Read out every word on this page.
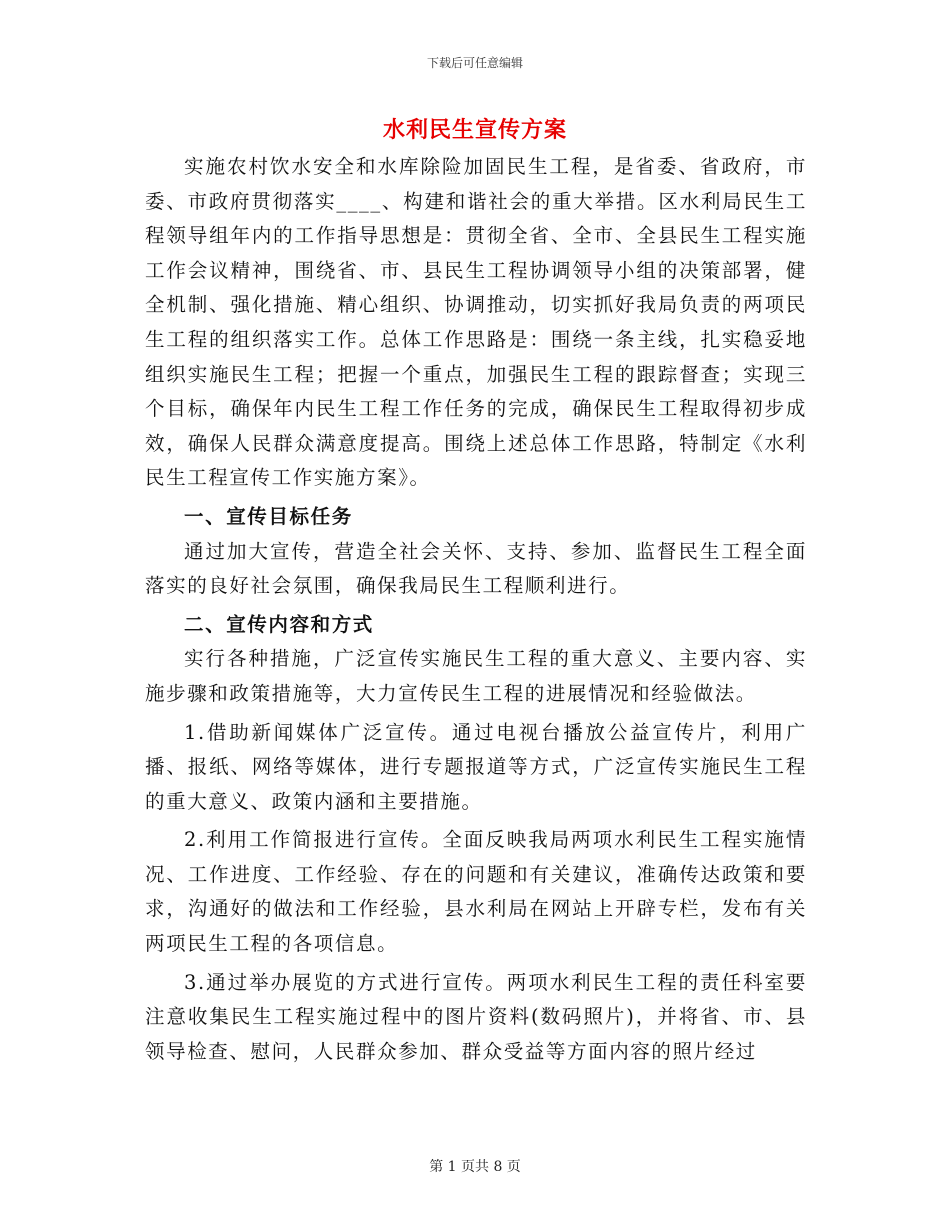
下载后可任意编辑
水利民生宣传方案

实施农村饮水安全和水库除险加固民生工程，是省委、省政府，市委、市政府贯彻落实____、构建和谐社会的重大举措。区水利局民生工程领导组年内的工作指导思想是：贯彻全省、全市、全县民生工程实施工作会议精神，围绕省、市、县民生工程协调领导小组的决策部署，健全机制、强化措施、精心组织、协调推动，切实抓好我局负责的两项民生工程的组织落实工作。总体工作思路是：围绕一条主线，扎实稳妥地组织实施民生工程；把握一个重点，加强民生工程的跟踪督查；实现三个目标，确保年内民生工程工作任务的完成，确保民生工程取得初步成效，确保人民群众满意度提高。围绕上述总体工作思路，特制定《水利民生工程宣传工作实施方案》。

一、宣传目标任务

通过加大宣传，营造全社会关怀、支持、参加、监督民生工程全面落实的良好社会氛围，确保我局民生工程顺利进行。

二、宣传内容和方式

实行各种措施，广泛宣传实施民生工程的重大意义、主要内容、实施步骤和政策措施等，大力宣传民生工程的进展情况和经验做法。

1.借助新闻媒体广泛宣传。通过电视台播放公益宣传片，利用广播、报纸、网络等媒体，进行专题报道等方式，广泛宣传实施民生工程的重大意义、政策内涵和主要措施。

2.利用工作简报进行宣传。全面反映我局两项水利民生工程实施情况、工作进度、工作经验、存在的问题和有关建议，准确传达政策和要求，沟通好的做法和工作经验，县水利局在网站上开辟专栏，发布有关两项民生工程的各项信息。

3.通过举办展览的方式进行宣传。两项水利民生工程的责任科室要注意收集民生工程实施过程中的图片资料(数码照片)，并将省、市、县领导检查、慰问，人民群众参加、群众受益等方面内容的照片经过

第 1 页共 8 页
